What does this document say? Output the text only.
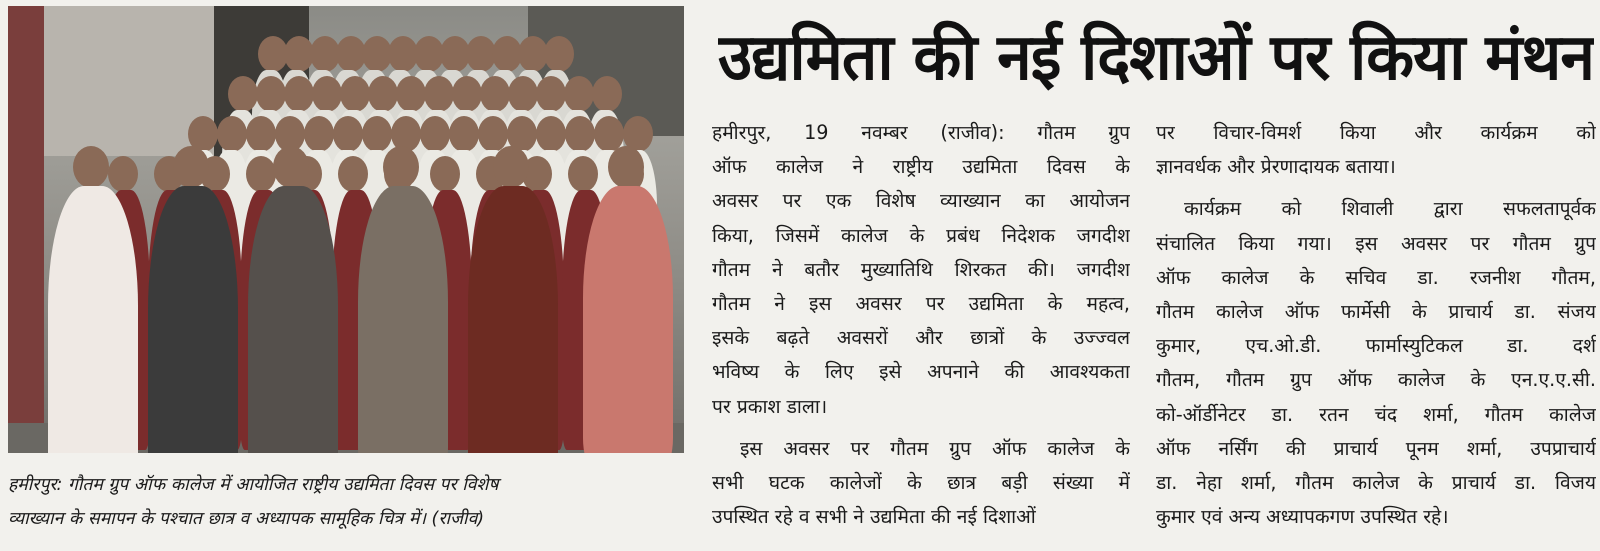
हमीरपुर: गौतम ग्रुप ऑफ कालेज में आयोजित राष्ट्रीय उद्यमिता दिवस पर विशेष
व्याख्यान के समापन के पश्चात छात्र व अध्यापक सामूहिक चित्र में। (राजीव)
उद्यमिता की नई दिशाओं पर किया मंथन
हमीरपुर, 19 नवम्बर (राजीव): गौतम ग्रुप
ऑफ कालेज ने राष्ट्रीय उद्यमिता दिवस के
अवसर पर एक विशेष व्याख्यान का आयोजन
किया, जिसमें कालेज के प्रबंध निदेशक जगदीश
गौतम ने बतौर मुख्यातिथि शिरकत की। जगदीश
गौतम ने इस अवसर पर उद्यमिता के महत्व,
इसके बढ़ते अवसरों और छात्रों के उज्ज्वल
भविष्य के लिए इसे अपनाने की आवश्यकता
पर प्रकाश डाला।
इस अवसर पर गौतम ग्रुप ऑफ कालेज के
सभी घटक कालेजों के छात्र बड़ी संख्या में
उपस्थित रहे व सभी ने उद्यमिता की नई दिशाओं
पर विचार-विमर्श किया और कार्यक्रम को
ज्ञानवर्धक और प्रेरणादायक बताया।
कार्यक्रम को शिवाली द्वारा सफलतापूर्वक
संचालित किया गया। इस अवसर पर गौतम ग्रुप
ऑफ कालेज के सचिव डा. रजनीश गौतम,
गौतम कालेज ऑफ फार्मेसी के प्राचार्य डा. संजय
कुमार, एच.ओ.डी. फार्मास्युटिकल डा. दर्श
गौतम, गौतम ग्रुप ऑफ कालेज के एन.ए.ए.सी.
को-ऑर्डीनेटर डा. रतन चंद शर्मा, गौतम कालेज
ऑफ नर्सिंग की प्राचार्य पूनम शर्मा, उपप्राचार्य
डा. नेहा शर्मा, गौतम कालेज के प्राचार्य डा. विजय
कुमार एवं अन्य अध्यापकगण उपस्थित रहे।
